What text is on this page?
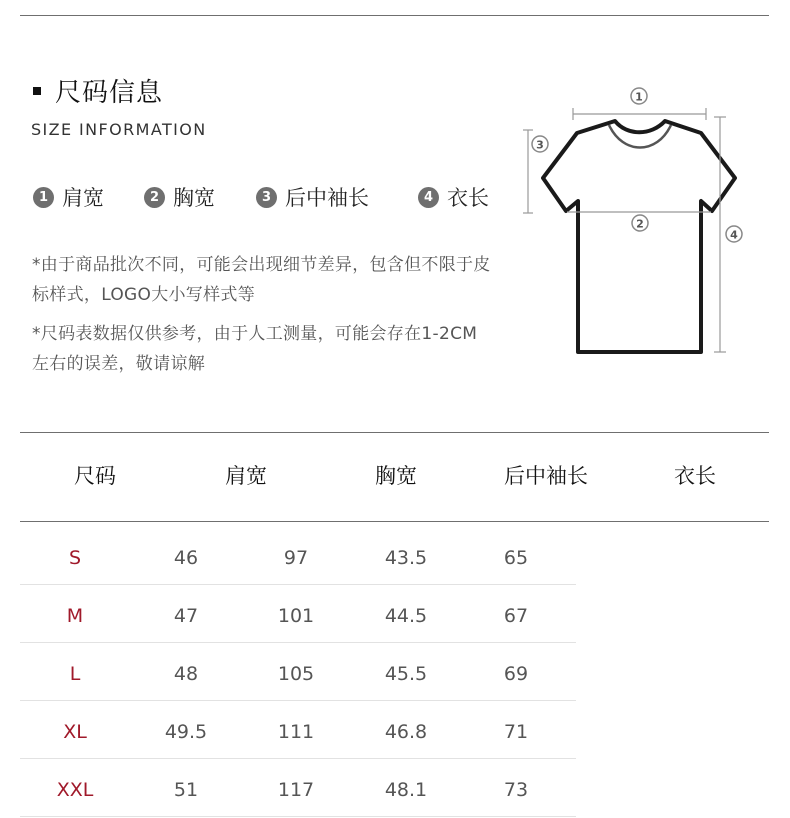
尺码信息
SIZE INFORMATION
1 肩宽	2 胸宽	3 后中袖长	4 衣长
*由于商品批次不同，可能会出现细节差异，包含但不限于皮标样式，LOGO大小写样式等
*尺码表数据仅供参考，由于人工测量，可能会存在1-2CM左右的误差，敬请谅解
1
2
3
4
尺码	肩宽	胸宽	后中袖长	衣长
S	46	97	43.5	65
M	47	101	44.5	67
L	48	105	45.5	69
XL	49.5	111	46.8	71
XXL	51	117	48.1	73
